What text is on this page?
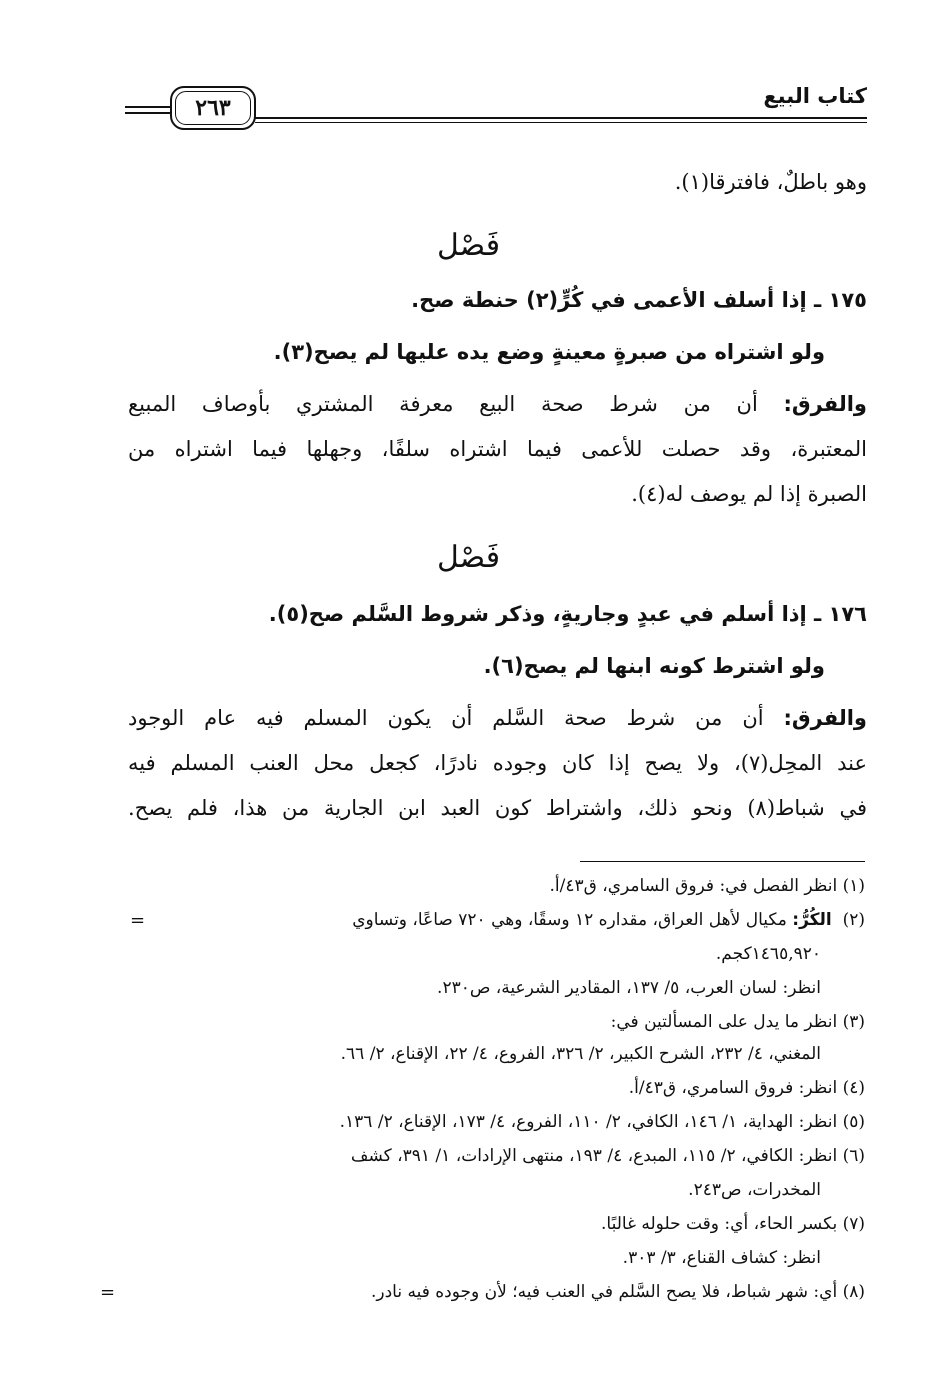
كتاب البيع
٢٦٣
وهو باطلٌ، فافترقا(١).
فَصْل
١٧٥ ـ إذا أسلف الأعمى في كُرٍّ(٢) حنطة صح.
ولو اشتراه من صبرةٍ معينةٍ وضع يده عليها لم يصح(٣).
والفرق: أن من شرط صحة البيع معرفة المشتري بأوصاف المبيع
المعتبرة، وقد حصلت للأعمى فيما اشتراه سلفًا، وجهلها فيما اشتراه من
الصبرة إذا لم يوصف له(٤).
فَصْل
١٧٦ ـ إذا أسلم في عبدٍ وجاريةٍ، وذكر شروط السَّلم صح(٥).
ولو اشترط كونه ابنها لم يصح(٦).
والفرق: أن من شرط صحة السَّلم أن يكون المسلم فيه عام الوجود
عند المحِل(٧)، ولا يصح إذا كان وجوده نادرًا، كجعل محل العنب المسلم فيه
في شباط(٨) ونحو ذلك، واشتراط كون العبد ابن الجارية من هذا، فلم يصح.
(١) انظر الفصل في: فروق السامري، ق٤٣/أ.
(٢)  الكُرُّ: مكيال لأهل العراق، مقداره ١٢ وسقًا، وهي ٧٢٠ صاعًا، وتساوي
=
١٤٦٥,٩٢٠كجم.
انظر: لسان العرب، ٥/ ١٣٧، المقادير الشرعية، ص٢٣٠.
(٣) انظر ما يدل على المسألتين في:
المغني، ٤/ ٢٣٢، الشرح الكبير، ٢/ ٣٢٦، الفروع، ٤/ ٢٢، الإقناع، ٢/ ٦٦.
(٤) انظر: فروق السامري، ق٤٣/أ.
(٥) انظر: الهداية، ١/ ١٤٦، الكافي، ٢/ ١١٠، الفروع، ٤/ ١٧٣، الإقناع، ٢/ ١٣٦.
(٦) انظر: الكافي، ٢/ ١١٥، المبدع، ٤/ ١٩٣، منتهى الإرادات، ١/ ٣٩١، كشف
المخدرات، ص٢٤٣.
(٧) بكسر الحاء، أي: وقت حلوله غالبًا.
انظر: كشاف القناع، ٣/ ٣٠٣.
(٨) أي: شهر شباط، فلا يصح السَّلم في العنب فيه؛ لأن وجوده فيه نادر.
=
